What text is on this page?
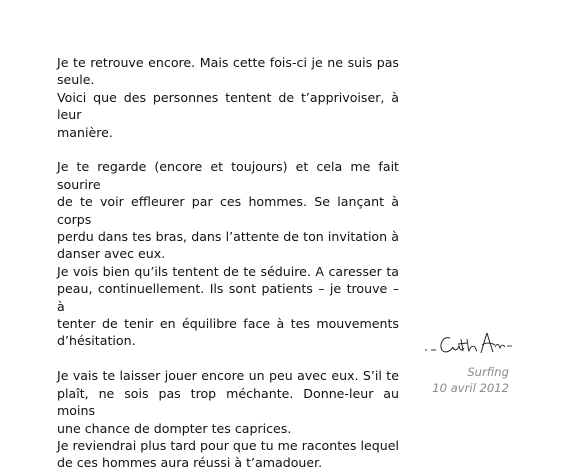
Je te retrouve encore. Mais cette fois-ci je ne suis pas
seule.
Voici que des personnes tentent de t’apprivoiser, à leur
manière.
Je te regarde (encore et toujours) et cela me fait sourire
de te voir effleurer par ces hommes. Se lançant à corps
perdu dans tes bras, dans l’attente de ton invitation à
danser avec eux.
Je vois bien qu’ils tentent de te séduire. A caresser ta
peau, continuellement. Ils sont patients – je trouve – à
tenter de tenir en équilibre face à tes mouvements
d’hésitation.
Je vais te laisser jouer encore un peu avec eux. S’il te
plaît, ne sois pas trop méchante. Donne-leur au moins
une chance de dompter tes caprices.
Je reviendrai plus tard pour que tu me racontes lequel
de ces hommes aura réussi à t’amadouer.
Surfing
10 avril 2012
